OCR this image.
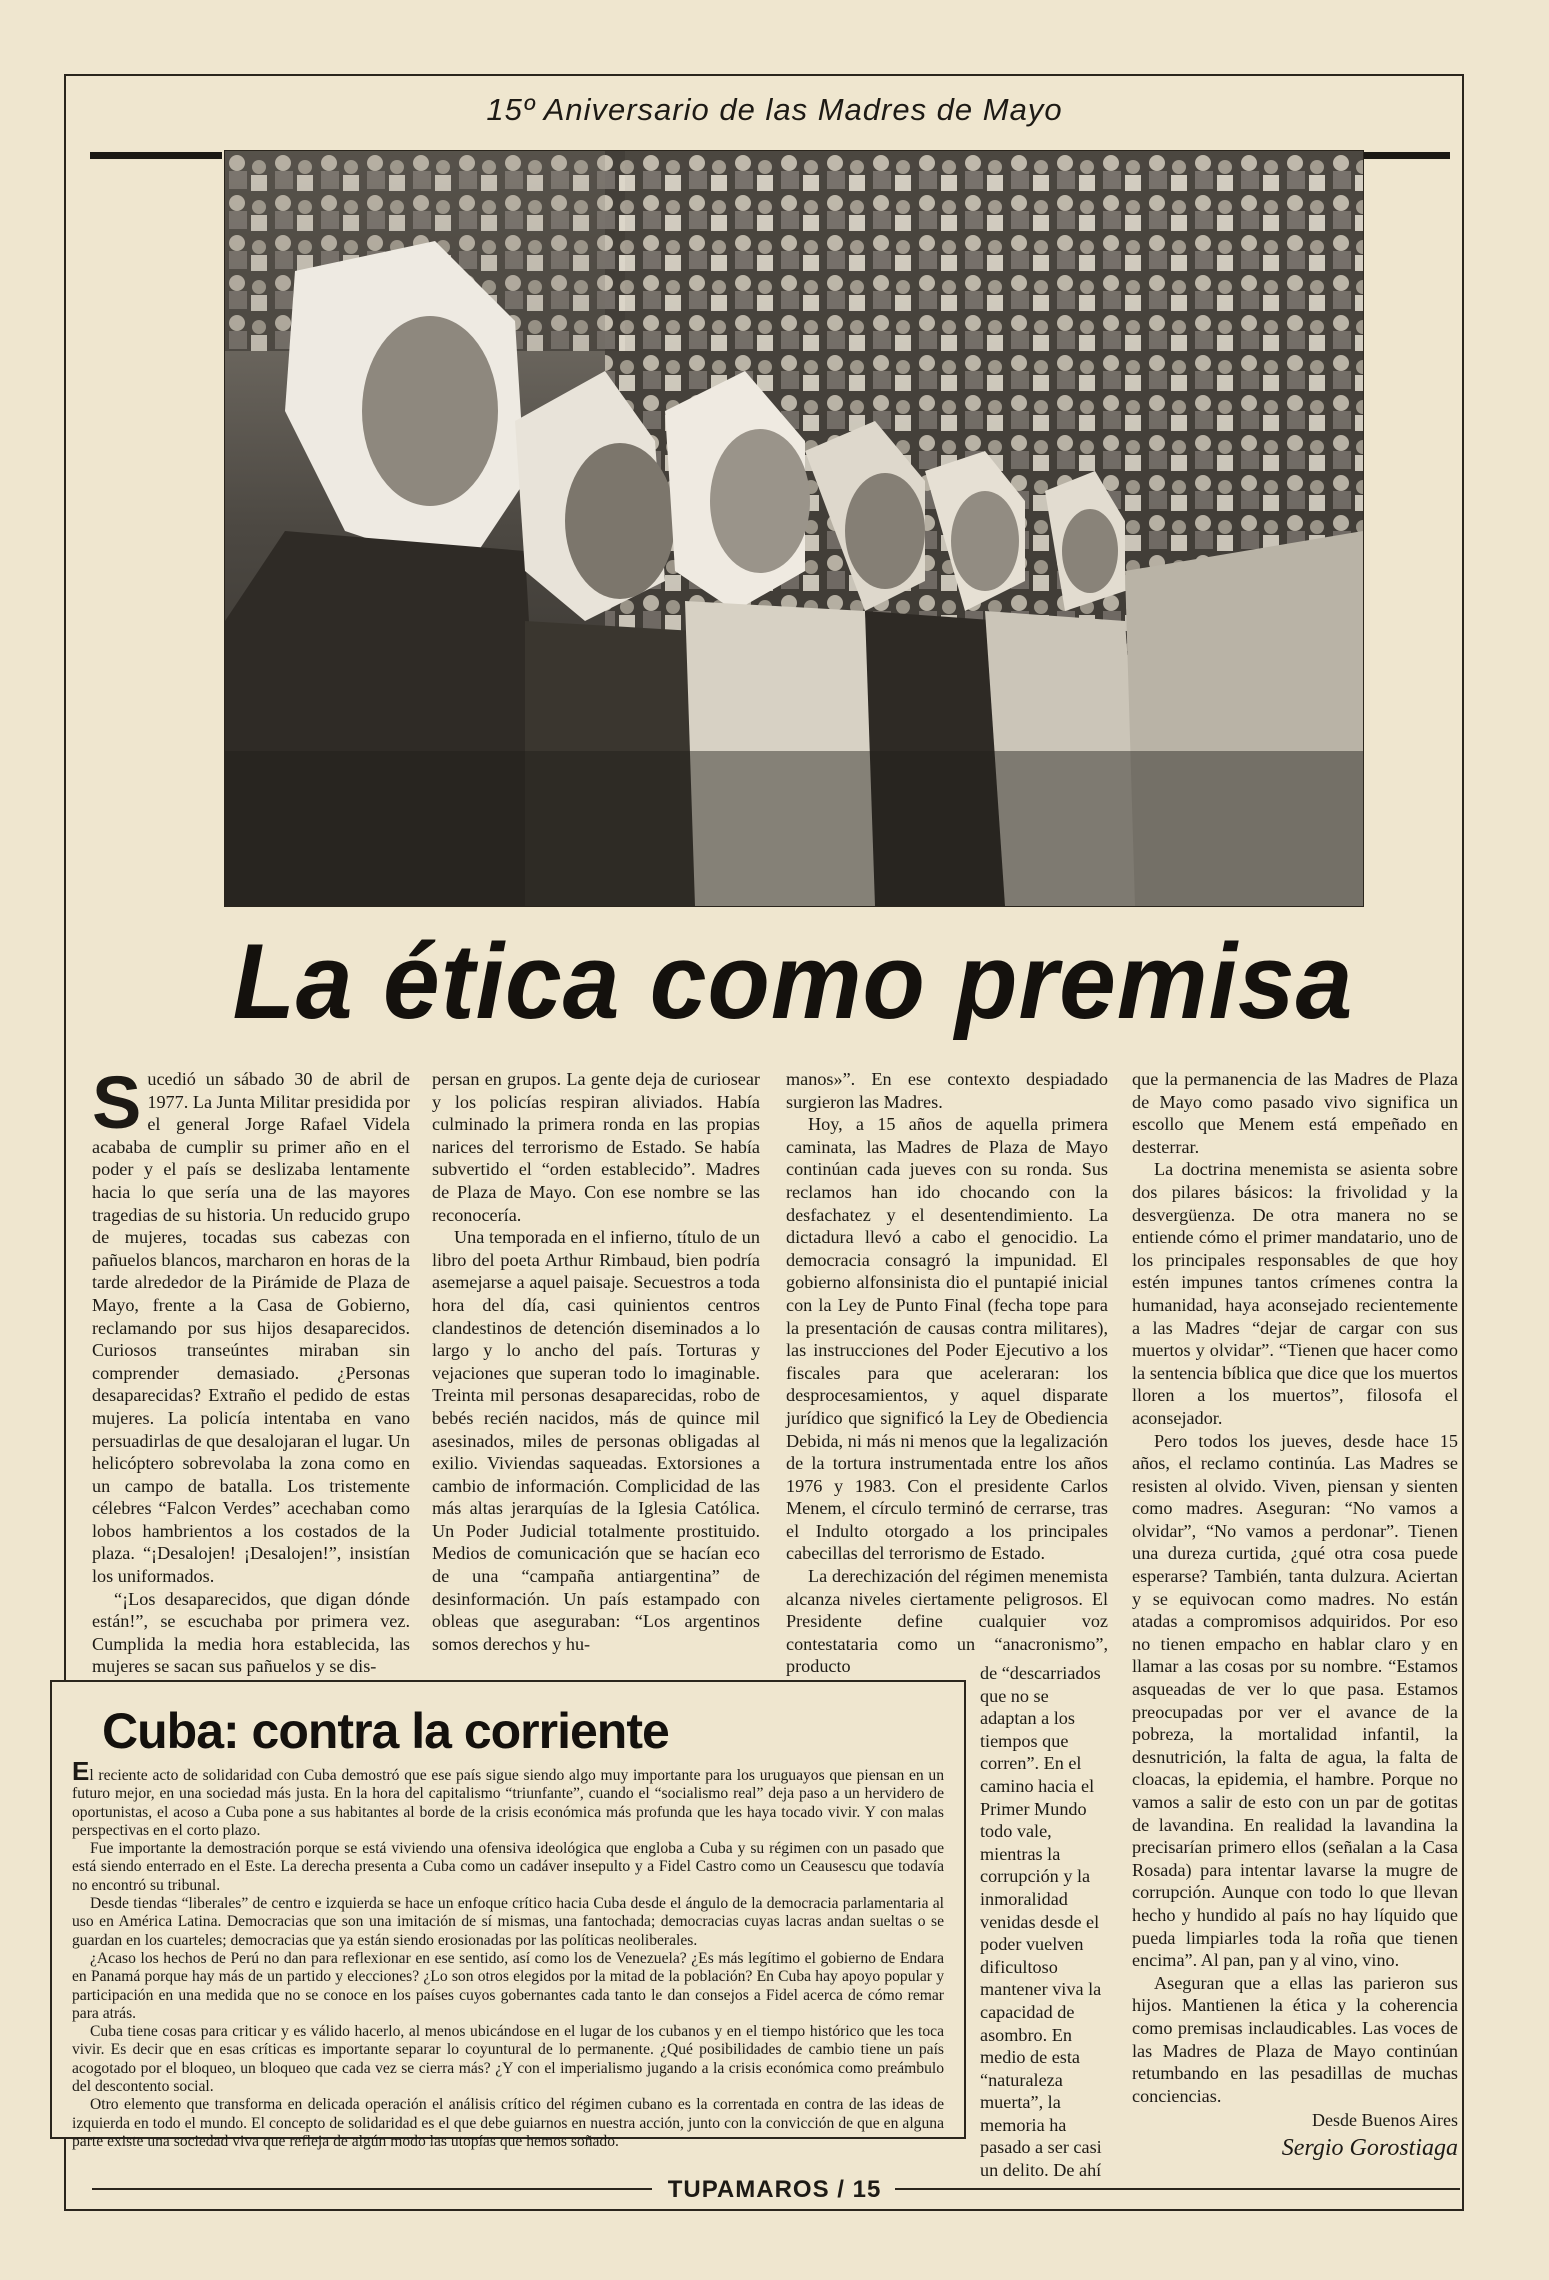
15º Aniversario de las Madres de Mayo
La ética como premisa
S ucedió un sábado 30 de abril de 1977. La Junta Militar presidida por el general Jorge Rafael Videla acababa de cumplir su primer año en el poder y el país se deslizaba lentamente hacia lo que sería una de las mayores tragedias de su historia. Un reducido grupo de mujeres, tocadas sus cabezas con pañuelos blancos, marcharon en horas de la tarde alrededor de la Pirámide de Plaza de Mayo, frente a la Casa de Gobierno, reclamando por sus hijos desaparecidos. Curiosos transeúntes miraban sin comprender demasiado. ¿Personas desaparecidas? Extraño el pedido de estas mujeres. La policía intentaba en vano persuadirlas de que desalojaran el lugar. Un helicóptero sobrevolaba la zona como en un campo de batalla. Los tristemente célebres “Falcon Verdes” acechaban como lobos hambrientos a los costados de la plaza. “¡Desalojen! ¡Desalojen!”, insistían los uniformados.

“¡Los desaparecidos, que digan dónde están!”, se escuchaba por primera vez. Cumplida la media hora establecida, las mujeres se sacan sus pañuelos y se dis-

persan en grupos. La gente deja de curiosear y los policías respiran aliviados. Había culminado la primera ronda en las propias narices del terrorismo de Estado. Se había subvertido el “orden establecido”. Madres de Plaza de Mayo. Con ese nombre se las reconocería.

Una temporada en el infierno, título de un libro del poeta Arthur Rimbaud, bien podría asemejarse a aquel paisaje. Secuestros a toda hora del día, casi quinientos centros clandestinos de detención diseminados a lo largo y lo ancho del país. Torturas y vejaciones que superan todo lo imaginable. Treinta mil personas desaparecidas, robo de bebés recién nacidos, más de quince mil asesinados, miles de personas obligadas al exilio. Viviendas saqueadas. Extorsiones a cambio de información. Complicidad de las más altas jerarquías de la Iglesia Católica. Un Poder Judicial totalmente prostituido. Medios de comunicación que se hacían eco de una “campaña antiargentina” de desinformación. Un país estampado con obleas que aseguraban: “Los argentinos somos derechos y hu-

manos»”. En ese contexto despiadado surgieron las Madres.

Hoy, a 15 años de aquella primera caminata, las Madres de Plaza de Mayo continúan cada jueves con su ronda. Sus reclamos han ido chocando con la desfachatez y el desentendimiento. La dictadura llevó a cabo el genocidio. La democracia consagró la impunidad. El gobierno alfonsinista dio el puntapié inicial con la Ley de Punto Final (fecha tope para la presentación de causas contra militares), las instrucciones del Poder Ejecutivo a los fiscales para que aceleraran: los desprocesamientos, y aquel disparate jurídico que significó la Ley de Obediencia Debida, ni más ni menos que la legalización de la tortura instrumentada entre los años 1976 y 1983. Con el presidente Carlos Menem, el círculo terminó de cerrarse, tras el Indulto otorgado a los principales cabecillas del terrorismo de Estado.

La derechización del régimen menemista alcanza niveles ciertamente peligrosos. El Presidente define cualquier voz contestataria como un “anacronismo”, producto	de “descarriados que no se adaptan a los tiempos que corren”. En el camino hacia el Primer Mundo todo vale, mientras la corrupción y la inmoralidad venidas desde el poder vuelven dificultoso mantener viva la capacidad de asombro. En medio de esta “naturaleza muerta”, la memoria ha pasado a ser casi un delito. De ahí

que la permanencia de las Madres de Plaza de Mayo como pasado vivo significa un escollo que Menem está empeñado en desterrar.

La doctrina menemista se asienta sobre dos pilares básicos: la frivolidad y la desvergüenza. De otra manera no se entiende cómo el primer mandatario, uno de los principales responsables de que hoy estén impunes tantos crímenes contra la humanidad, haya aconsejado recientemente a las Madres “dejar de cargar con sus muertos y olvidar”. “Tienen que hacer como la sentencia bíblica que dice que los muertos lloren a los muertos”, filosofa el aconsejador.

Pero todos los jueves, desde hace 15 años, el reclamo continúa. Las Madres se resisten al olvido. Viven, piensan y sienten como madres. Aseguran: “No vamos a olvidar”, “No vamos a perdonar”. Tienen una dureza curtida, ¿qué otra cosa puede esperarse? También, tanta dulzura. Aciertan y se equivocan como madres. No están atadas a compromisos adquiridos. Por eso no tienen empacho en hablar claro y en llamar a las cosas por su nombre. “Estamos asqueadas de ver lo que pasa. Estamos preocupadas por ver el avance de la pobreza, la mortalidad infantil, la desnutrición, la falta de agua, la falta de cloacas, la epidemia, el hambre. Porque no vamos a salir de esto con un par de gotitas de lavandina. En realidad la lavandina la precisarían primero ellos (señalan a la Casa Rosada) para intentar lavarse la mugre de corrupción. Aunque con todo lo que llevan hecho y hundido al país no hay líquido que pueda limpiarles toda la roña que tienen encima”. Al pan, pan y al vino, vino.

Aseguran que a ellas las parieron sus hijos. Mantienen la ética y la coherencia como premisas inclaudicables. Las voces de las Madres de Plaza de Mayo continúan retumbando en las pesadillas de muchas conciencias.

Cuba: contra la corriente

El reciente acto de solidaridad con Cuba demostró que ese país sigue siendo algo muy importante para los uruguayos que piensan en un futuro mejor, en una sociedad más justa. En la hora del capitalismo “triunfante”, cuando el “socialismo real” deja paso a un hervidero de oportunistas, el acoso a Cuba pone a sus habitantes al borde de la crisis económica más profunda que les haya tocado vivir. Y con malas perspectivas en el corto plazo.

Fue importante la demostración porque se está viviendo una ofensiva ideológica que engloba a Cuba y su régimen con un pasado que está siendo enterrado en el Este. La derecha presenta a Cuba como un cadáver insepulto y a Fidel Castro como un Ceausescu que todavía no encontró su tribunal.

Desde tiendas “liberales” de centro e izquierda se hace un enfoque crítico hacia Cuba desde el ángulo de la democracia parlamentaria al uso en América Latina. Democracias que son una imitación de sí mismas, una fantochada; democracias cuyas lacras andan sueltas o se guardan en los cuarteles; democracias que ya están siendo erosionadas por las políticas neoliberales.

¿Acaso los hechos de Perú no dan para reflexionar en ese sentido, así como los de Venezuela? ¿Es más legítimo el gobierno de Endara en Panamá porque hay más de un partido y elecciones? ¿Lo son otros elegidos por la mitad de la población? En Cuba hay apoyo popular y participación en una medida que no se conoce en los países cuyos gobernantes cada tanto le dan consejos a Fidel acerca de cómo remar para atrás.

Cuba tiene cosas para criticar y es válido hacerlo, al menos ubicándose en el lugar de los cubanos y en el tiempo histórico que les toca vivir. Es decir que en esas críticas es importante separar lo coyuntural de lo permanente. ¿Qué posibilidades de cambio tiene un país acogotado por el bloqueo, un bloqueo que cada vez se cierra más? ¿Y con el imperialismo jugando a la crisis económica como preámbulo del descontento social.

Otro elemento que transforma en delicada operación el análisis crítico del régimen cubano es la correntada en contra de las ideas de izquierda en todo el mundo. El concepto de solidaridad es el que debe guiarnos en nuestra acción, junto con la convicción de que en alguna parte existe una sociedad viva que refleja de algún modo las utopías que hemos soñado.

Desde Buenos Aires
Sergio Gorostiaga
TUPAMAROS / 15
